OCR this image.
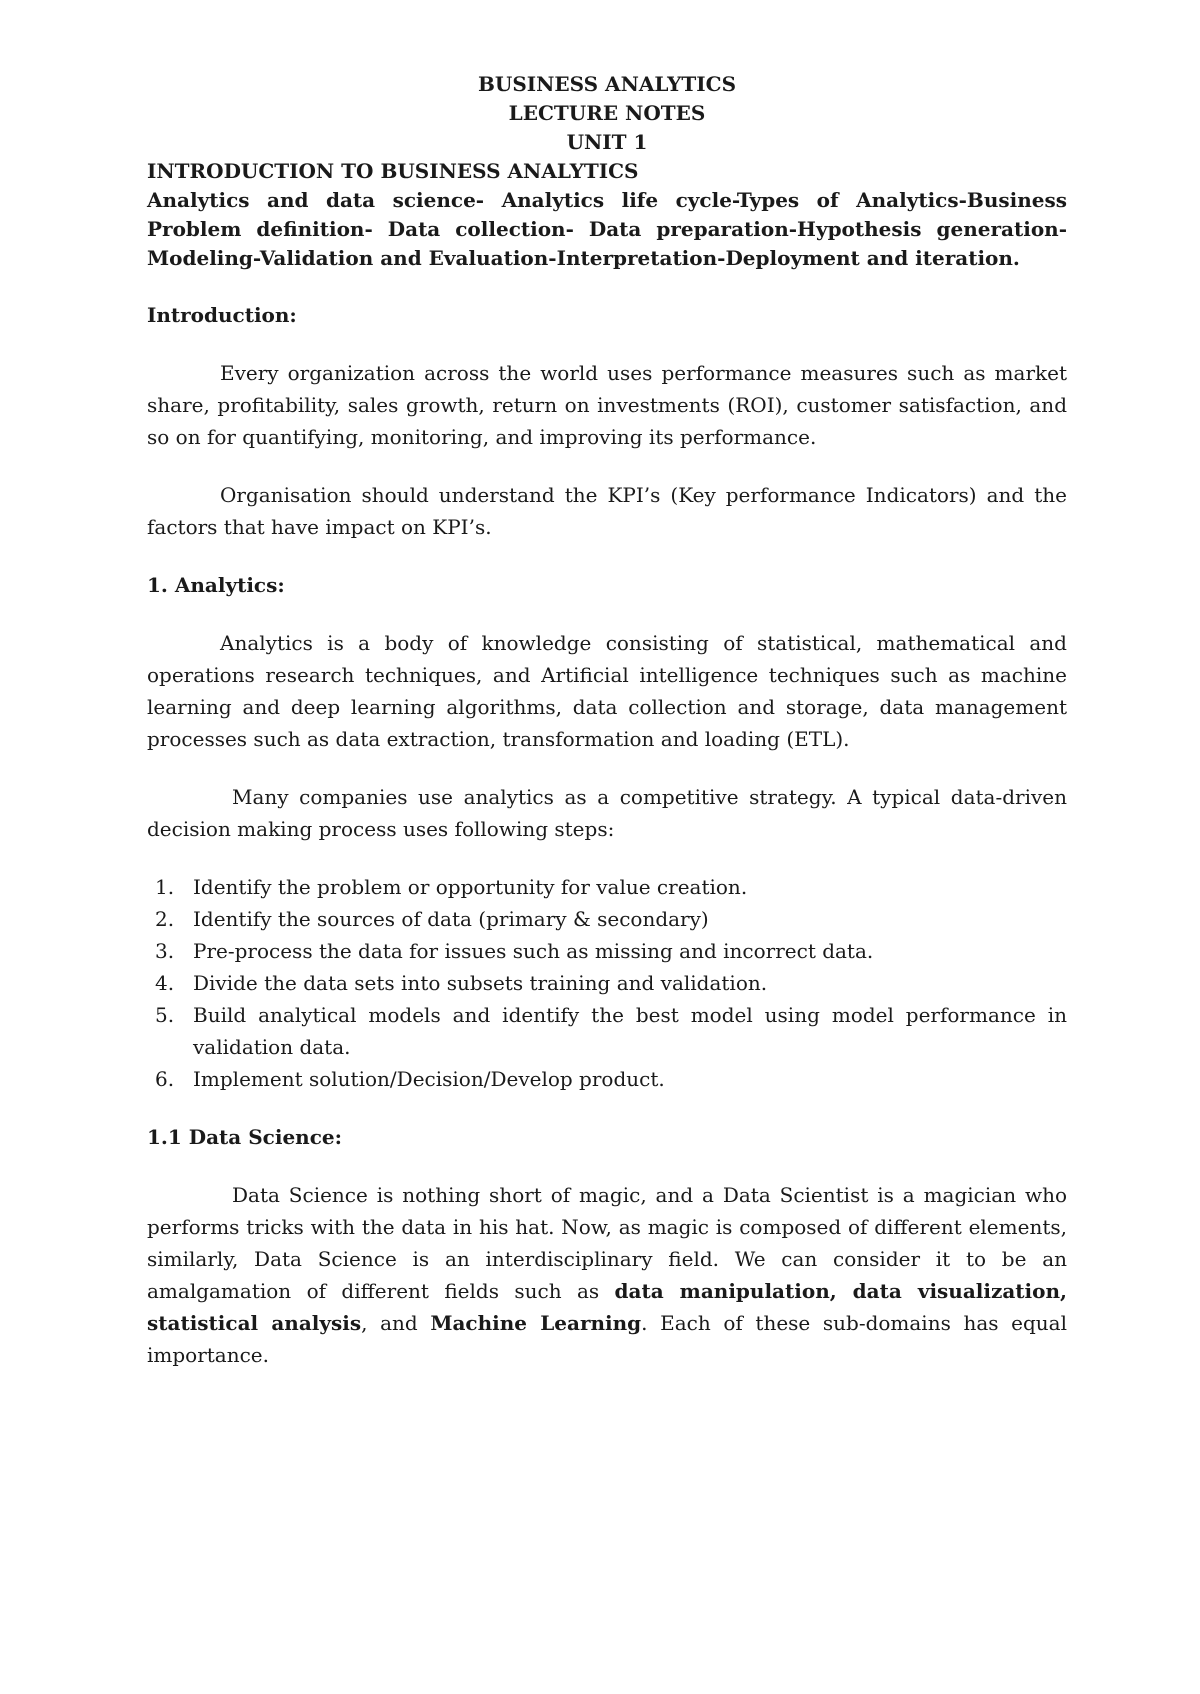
BUSINESS ANALYTICS
LECTURE NOTES
UNIT 1
INTRODUCTION TO BUSINESS ANALYTICS
Analytics and data science- Analytics life cycle-Types of Analytics-Business Problem definition- Data collection- Data preparation-Hypothesis generation-Modeling-Validation and Evaluation-Interpretation-Deployment and iteration.

Introduction:

Every organization across the world uses performance measures such as market share, profitability, sales growth, return on investments (ROI), customer satisfaction, and so on for quantifying, monitoring, and improving its performance.

Organisation should understand the KPI’s (Key performance Indicators) and the factors that have impact on KPI’s.

1. Analytics:

Analytics is a body of knowledge consisting of statistical, mathematical and operations research techniques, and Artificial intelligence techniques such as machine learning and deep learning algorithms, data collection and storage, data management processes such as data extraction, transformation and loading (ETL).

Many companies use analytics as a competitive strategy. A typical data-driven decision making process uses following steps:

1. Identify the problem or opportunity for value creation.
2. Identify the sources of data (primary & secondary)
3. Pre-process the data for issues such as missing and incorrect data.
4. Divide the data sets into subsets training and validation.
5. Build analytical models and identify the best model using model performance in validation data.
6. Implement solution/Decision/Develop product.

1.1 Data Science:

Data Science is nothing short of magic, and a Data Scientist is a magician who performs tricks with the data in his hat. Now, as magic is composed of different elements, similarly, Data Science is an interdisciplinary field. We can consider it to be an amalgamation of different fields such as data manipulation, data visualization, statistical analysis, and Machine Learning. Each of these sub-domains has equal importance.
